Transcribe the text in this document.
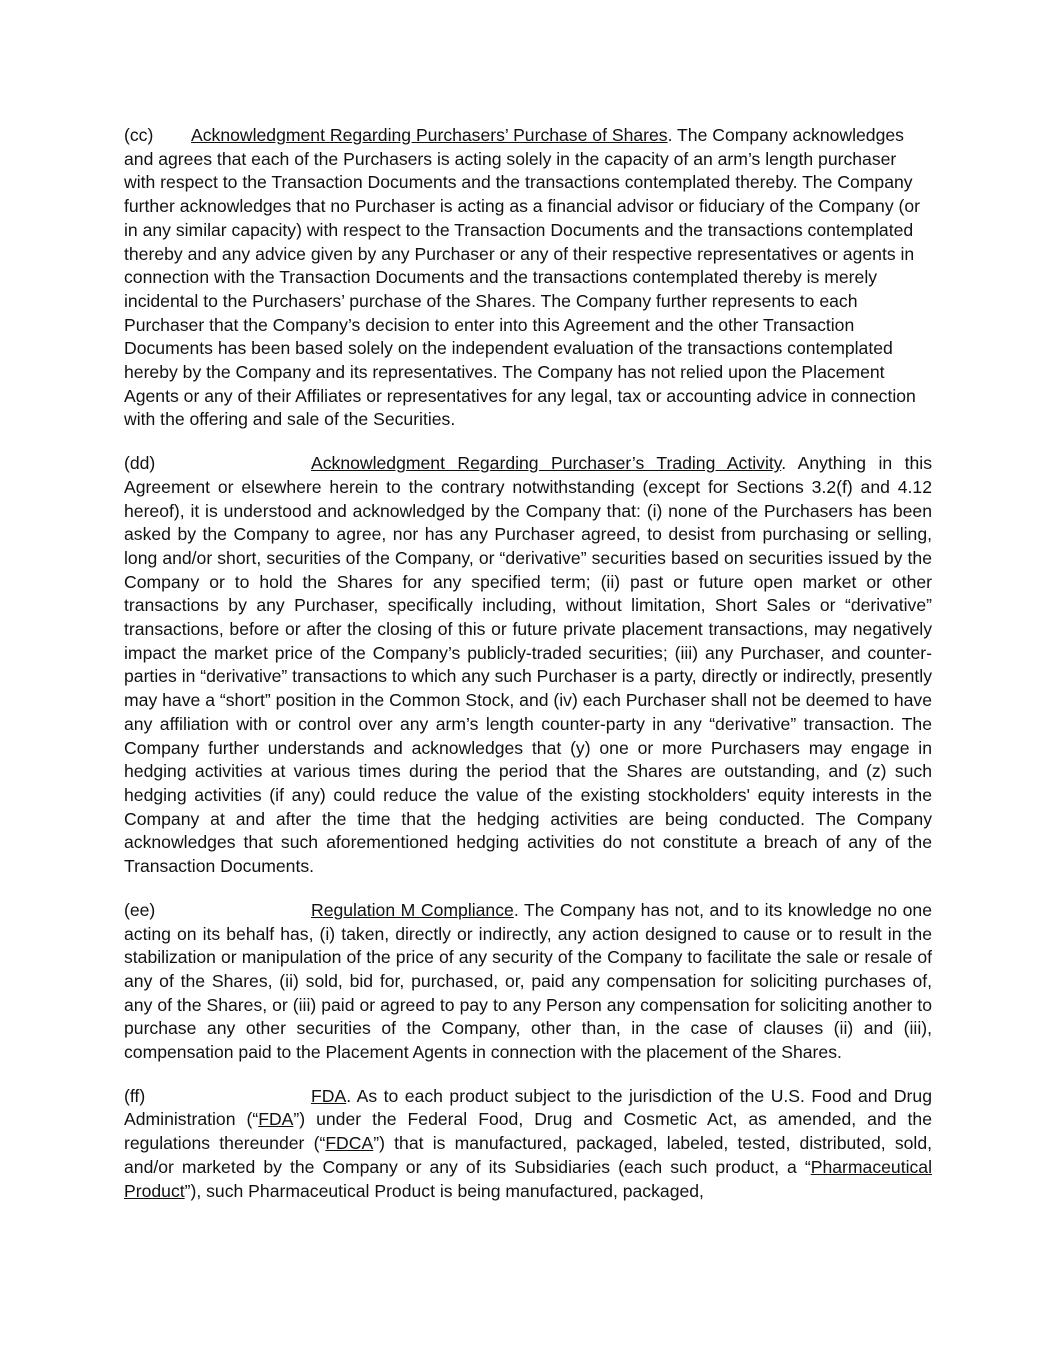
(cc) Acknowledgment Regarding Purchasers’ Purchase of Shares. The Company acknowledges and agrees that each of the Purchasers is acting solely in the capacity of an arm’s length purchaser with respect to the Transaction Documents and the transactions contemplated thereby. The Company further acknowledges that no Purchaser is acting as a financial advisor or fiduciary of the Company (or in any similar capacity) with respect to the Transaction Documents and the transactions contemplated thereby and any advice given by any Purchaser or any of their respective representatives or agents in connection with the Transaction Documents and the transactions contemplated thereby is merely incidental to the Purchasers’ purchase of the Shares. The Company further represents to each Purchaser that the Company’s decision to enter into this Agreement and the other Transaction Documents has been based solely on the independent evaluation of the transactions contemplated hereby by the Company and its representatives. The Company has not relied upon the Placement Agents or any of their Affiliates or representatives for any legal, tax or accounting advice in connection with the offering and sale of the Securities.

(dd)	Acknowledgment Regarding Purchaser’s Trading Activity. Anything in this Agreement or elsewhere herein to the contrary notwithstanding (except for Sections 3.2(f) and 4.12 hereof), it is understood and acknowledged by the Company that: (i) none of the Purchasers has been asked by the Company to agree, nor has any Purchaser agreed, to desist from purchasing or selling, long and/or short, securities of the Company, or “derivative” securities based on securities issued by the Company or to hold the Shares for any specified term; (ii) past or future open market or other transactions by any Purchaser, specifically including, without limitation, Short Sales or “derivative” transactions, before or after the closing of this or future private placement transactions, may negatively impact the market price of the Company’s publicly-traded securities; (iii) any Purchaser, and counter-parties in “derivative” transactions to which any such Purchaser is a party, directly or indirectly, presently may have a “short” position in the Common Stock, and (iv) each Purchaser shall not be deemed to have any affiliation with or control over any arm’s length counter-party in any “derivative” transaction. The Company further understands and acknowledges that (y) one or more Purchasers may engage in hedging activities at various times during the period that the Shares are outstanding, and (z) such hedging activities (if any) could reduce the value of the existing stockholders' equity interests in the Company at and after the time that the hedging activities are being conducted. The Company acknowledges that such aforementioned hedging activities do not constitute a breach of any of the Transaction Documents.

(ee)	Regulation M Compliance. The Company has not, and to its knowledge no one acting on its behalf has, (i) taken, directly or indirectly, any action designed to cause or to result in the stabilization or manipulation of the price of any security of the Company to facilitate the sale or resale of any of the Shares, (ii) sold, bid for, purchased, or, paid any compensation for soliciting purchases of, any of the Shares, or (iii) paid or agreed to pay to any Person any compensation for soliciting another to purchase any other securities of the Company, other than, in the case of clauses (ii) and (iii), compensation paid to the Placement Agents in connection with the placement of the Shares.

(ff)	FDA. As to each product subject to the jurisdiction of the U.S. Food and Drug Administration (“FDA”) under the Federal Food, Drug and Cosmetic Act, as amended, and the regulations thereunder (“FDCA”) that is manufactured, packaged, labeled, tested, distributed, sold, and/or marketed by the Company or any of its Subsidiaries (each such product, a “Pharmaceutical Product”), such Pharmaceutical Product is being manufactured, packaged,
